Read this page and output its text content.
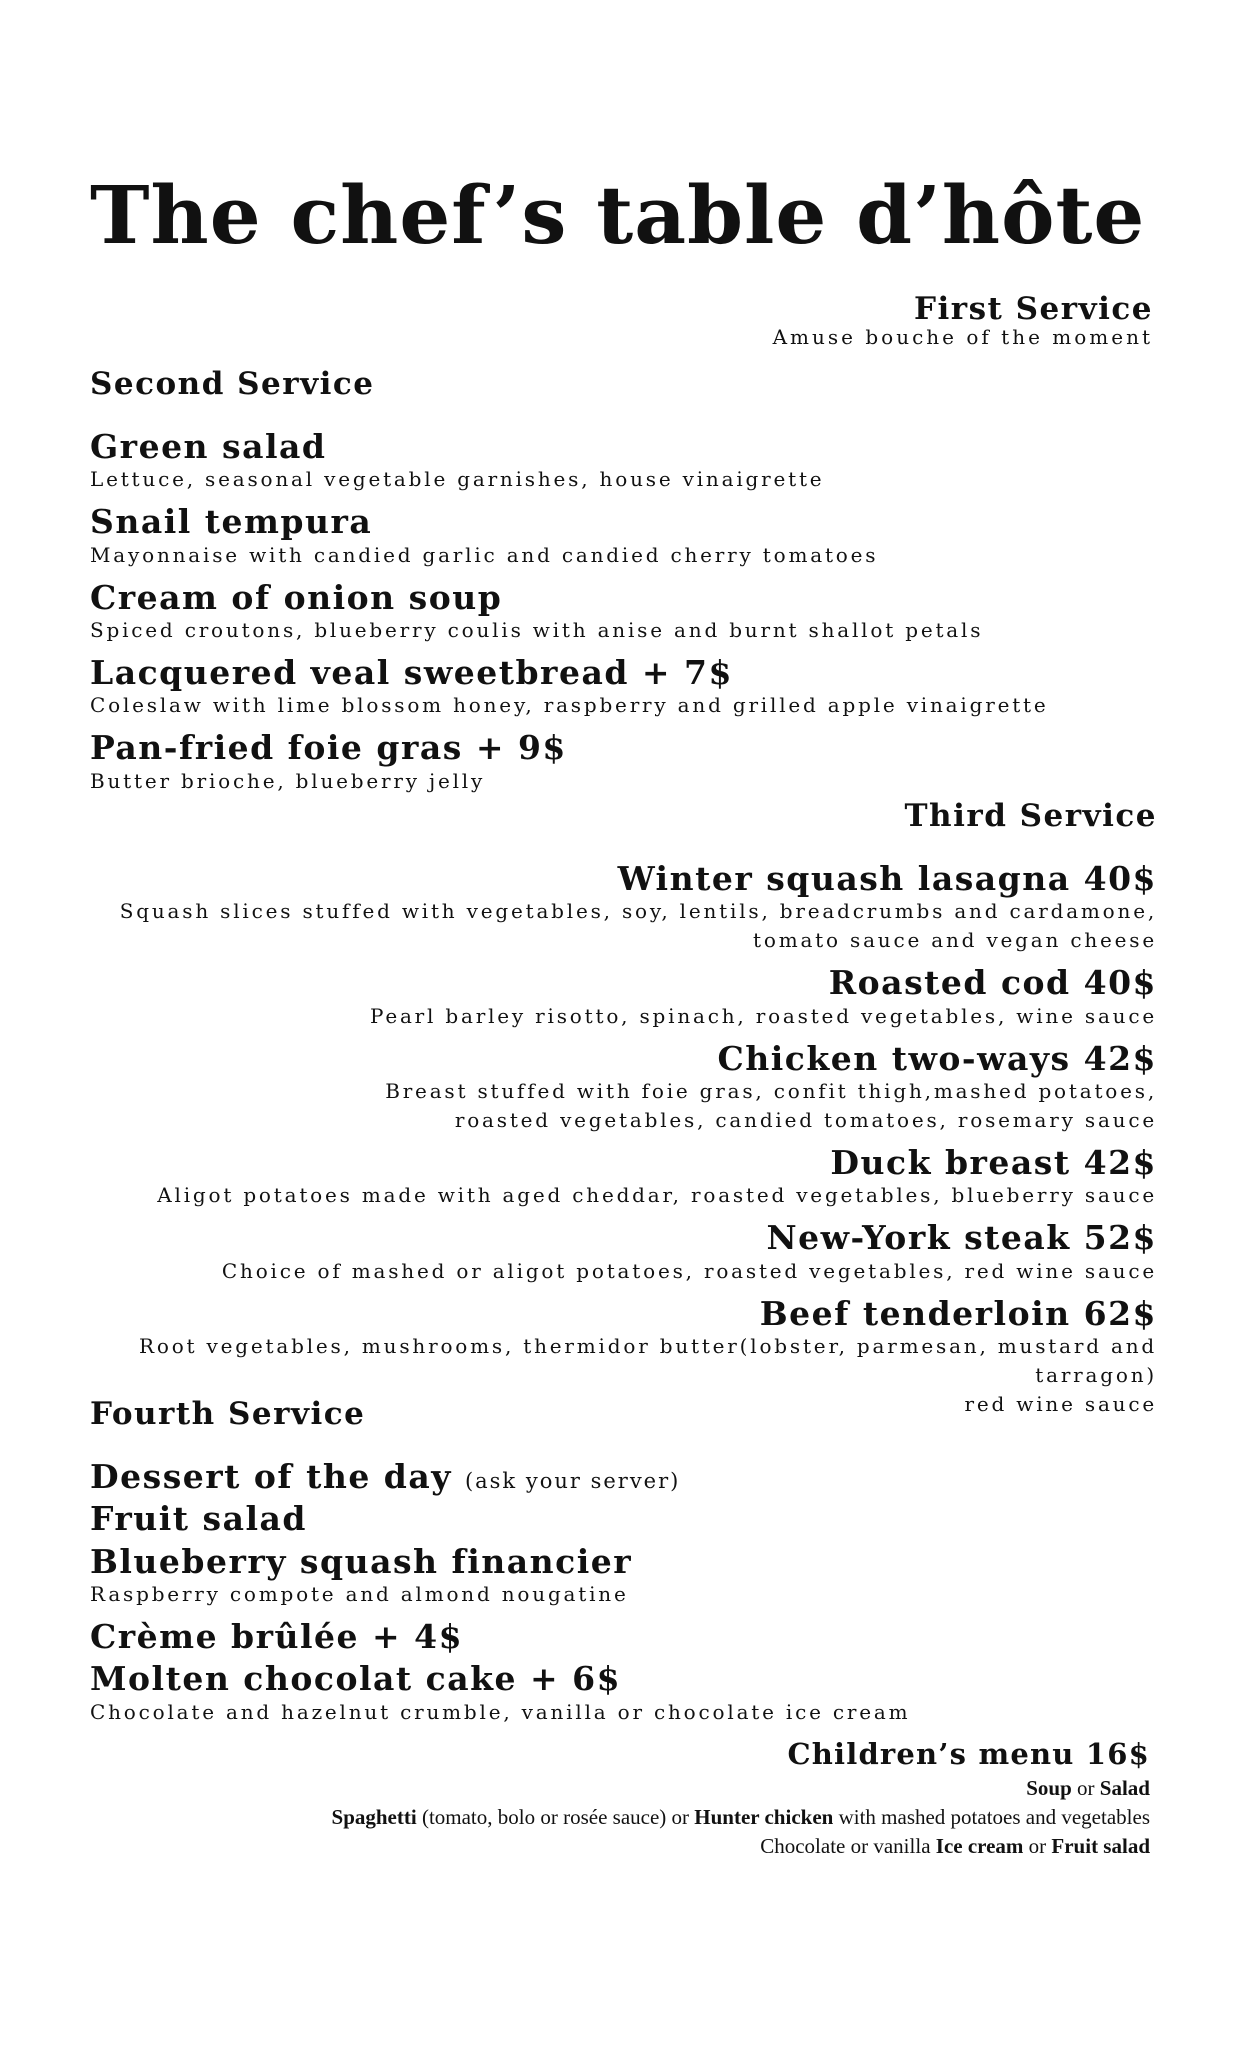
The chef’s table d’hôte
First Service
Amuse bouche of the moment
Second Service
Green salad
Lettuce, seasonal vegetable garnishes, house vinaigrette
Snail tempura
Mayonnaise with candied garlic and candied cherry tomatoes
Cream of onion soup
Spiced croutons, blueberry coulis with anise and burnt shallot petals
Lacquered veal sweetbread + 7$
Coleslaw with lime blossom honey, raspberry and grilled apple vinaigrette
Pan-fried foie gras + 9$
Butter brioche, blueberry jelly
Third Service
Winter squash lasagna 40$
Squash slices stuffed with vegetables, soy, lentils, breadcrumbs and cardamone,
tomato sauce and vegan cheese
Roasted cod 40$
Pearl barley risotto, spinach, roasted vegetables, wine sauce
Chicken two-ways 42$
Breast stuffed with foie gras, confit thigh,mashed potatoes,
roasted vegetables, candied tomatoes, rosemary sauce
Duck breast 42$
Aligot potatoes made with aged cheddar, roasted vegetables, blueberry sauce
New-York steak 52$
Choice of mashed or aligot potatoes, roasted vegetables, red wine sauce
Beef tenderloin 62$
Root vegetables, mushrooms, thermidor butter(lobster, parmesan, mustard and tarragon)
red wine sauce
Fourth Service
Dessert of the day (ask your server)
Fruit salad
Blueberry squash financier
Raspberry compote and almond nougatine
Crème brûlée + 4$
Molten chocolat cake + 6$
Chocolate and hazelnut crumble, vanilla or chocolate ice cream
Children’s menu 16$
Soup or Salad
Spaghetti (tomato, bolo or rosée sauce) or Hunter chicken with mashed potatoes and vegetables
Chocolate or vanilla Ice cream or Fruit salad
